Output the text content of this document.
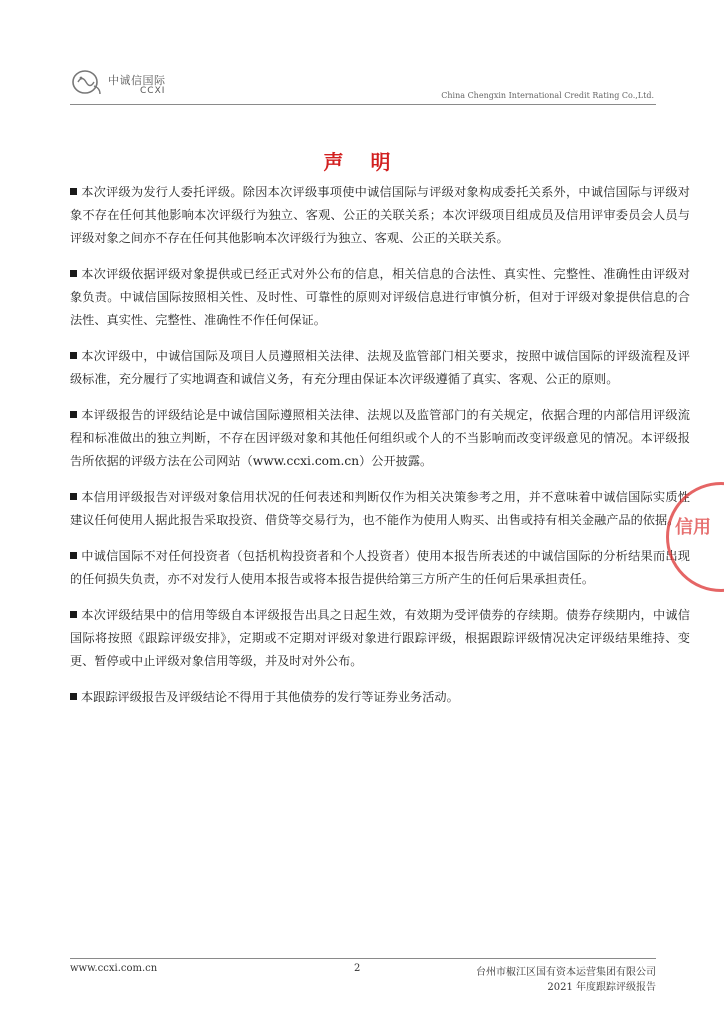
中诚信国际
CCXI	China Chengxin International Credit Rating Co.,Ltd.
声 明

本次评级为发行人委托评级。除因本次评级事项使中诚信国际与评级对象构成委托关系外，中诚信国际与评级对象不存在任何其他影响本次评级行为独立、客观、公正的关联关系；本次评级项目组成员及信用评审委员会人员与评级对象之间亦不存在任何其他影响本次评级行为独立、客观、公正的关联关系。

本次评级依据评级对象提供或已经正式对外公布的信息，相关信息的合法性、真实性、完整性、准确性由评级对象负责。中诚信国际按照相关性、及时性、可靠性的原则对评级信息进行审慎分析，但对于评级对象提供信息的合法性、真实性、完整性、准确性不作任何保证。

本次评级中，中诚信国际及项目人员遵照相关法律、法规及监管部门相关要求，按照中诚信国际的评级流程及评级标准，充分履行了实地调查和诚信义务，有充分理由保证本次评级遵循了真实、客观、公正的原则。

本评级报告的评级结论是中诚信国际遵照相关法律、法规以及监管部门的有关规定，依据合理的内部信用评级流程和标准做出的独立判断，不存在因评级对象和其他任何组织或个人的不当影响而改变评级意见的情况。本评级报告所依据的评级方法在公司网站（www.ccxi.com.cn）公开披露。

本信用评级报告对评级对象信用状况的任何表述和判断仅作为相关决策参考之用，并不意味着中诚信国际实质性建议任何使用人据此报告采取投资、借贷等交易行为，也不能作为使用人购买、出售或持有相关金融产品的依据。

中诚信国际不对任何投资者（包括机构投资者和个人投资者）使用本报告所表述的中诚信国际的分析结果而出现的任何损失负责，亦不对发行人使用本报告或将本报告提供给第三方所产生的任何后果承担责任。

本次评级结果中的信用等级自本评级报告出具之日起生效，有效期为受评债券的存续期。债券存续期内，中诚信国际将按照《跟踪评级安排》，定期或不定期对评级对象进行跟踪评级，根据跟踪评级情况决定评级结果维持、变更、暂停或中止评级对象信用等级，并及时对外公布。

本跟踪评级报告及评级结论不得用于其他债券的发行等证券业务活动。

信用
www.ccxi.com.cn	2	台州市椒江区国有资本运营集团有限公司
2021 年度跟踪评级报告
